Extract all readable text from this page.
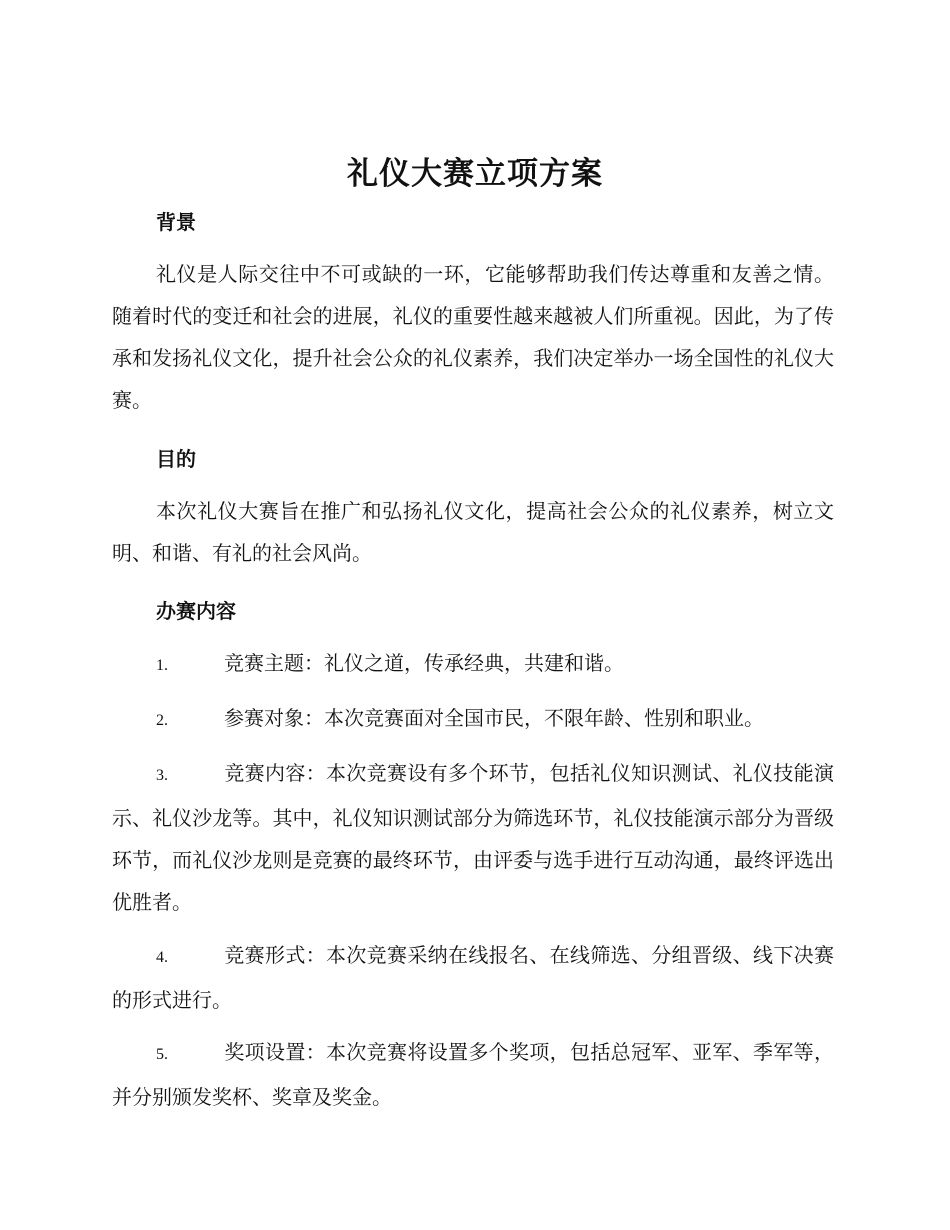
礼仪大赛立项方案
背景

礼仪是人际交往中不可或缺的一环，它能够帮助我们传达尊重和友善之情。随着时代的变迁和社会的进展，礼仪的重要性越来越被人们所重视。因此，为了传承和发扬礼仪文化，提升社会公众的礼仪素养，我们决定举办一场全国性的礼仪大赛。

目的

本次礼仪大赛旨在推广和弘扬礼仪文化，提高社会公众的礼仪素养，树立文明、和谐、有礼的社会风尚。

办赛内容

1.	竞赛主题：礼仪之道，传承经典，共建和谐。

2.	参赛对象：本次竞赛面对全国市民，不限年龄、性别和职业。

3.	竞赛内容：本次竞赛设有多个环节，包括礼仪知识测试、礼仪技能演示、礼仪沙龙等。其中，礼仪知识测试部分为筛选环节，礼仪技能演示部分为晋级环节，而礼仪沙龙则是竞赛的最终环节，由评委与选手进行互动沟通，最终评选出优胜者。

4.	竞赛形式：本次竞赛采纳在线报名、在线筛选、分组晋级、线下决赛的形式进行。

5.	奖项设置：本次竞赛将设置多个奖项，包括总冠军、亚军、季军等，并分别颁发奖杯、奖章及奖金。
